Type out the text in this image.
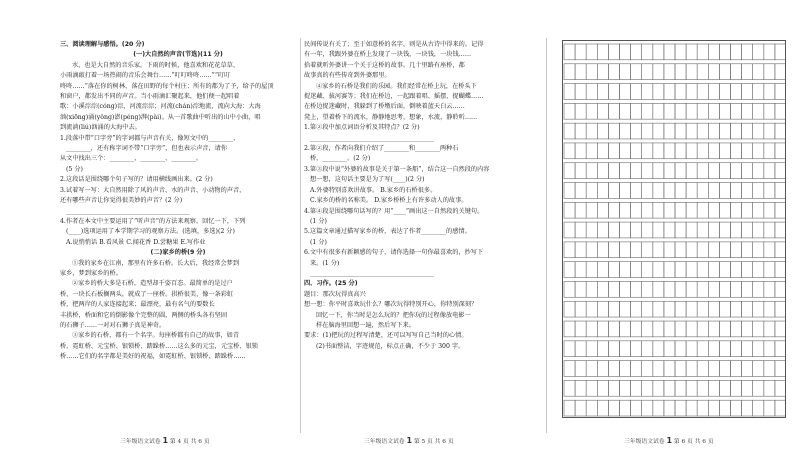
三、阅读理解与感悟。(20 分)

(一)大自然的声音(节选)(11 分)

水，也是大自然的音乐家。下雨的时候，他喜欢和花花草草、

小雨滴敲打着一场热闹的音乐会舞台……“叮叮咚咚……”“叮叮

咚咚……”落在你的树林、落在田野的每个村庄；所有的都为了予，给予的屋顶

和窗户，都发出不同的声音。当小雨滴汇聚起来，他们便一起唱着

歌：小溪淙淙(cóng)淙，河流淙淙；河流(chán)淙地流，流向大海：大海

汹(xiōng)涌(yǒng)澎(péng)湃(pài)。从一首歌曲中听出的山中小曲，唱

到流淌(liú)汹涌的大海中去。

1.段落中带“口字旁”的字词都与声音有关，像短文中的________、

________，还有称字词不带“口字旁”，但也表示声音，请你

从文中找出三个：________、________、________。

(5 分)

2.这段话是围绕哪个句子写的？请用横线画出来。(2 分)

3.试着写一写：大自然用除了风的声音、水的声音、小动物的声音，

还有哪些声音让你觉得很美妙的声音？(2 分)

________________________________________

4.作者在本文中主要运用了“听声音”的方法来观察。回忆一下，下列

(____)选项运用了本学期学习的观察方法。(选填，多选)(2 分)

A.说悄悄话 B.看风景 C.闻花香 D.尝糖果 E.写作业

(二)家乡的桥(9 分)

①我的家乡在江南，那里有许多石桥。长大后，我经常会梦到

家乡，梦到家乡的桥。

②家乡的桥大多是石桥，造型却千姿百态。最简单的是过户

桥，一块长石板搁两头，就成了一座桥。拱桥很美，像一条彩虹

桥，把两岸的人家连接起来；最漂亮，最有名气的要数长

丰拱桥，桥面和它的倒影像个完整的圆，两侧的桥头各有坚固

的石狮子……一对对石狮子真是神奇。

③家乡的石桥，都有一个名字。每座桥都有自己的故事，如青

桥、霓虹桥、元宝桥、银锁桥、踏跺桥……这么多的元宝，元宝桥、银锁

桥……它们的名字都是美好的祝福，如霓虹桥、银锁桥、踏跺桥……

三年级语文试卷 1 第 4 页 共 6 页

民间传说有关了；至于如意桥的名字，则是从古诗中得来的。记得

有一年，我跟外婆在桥上发现了一块钱，一块钱，一块钱……

拾着就听外婆讲一个关于这桥的故事。几十里路有座桥，都

故事真的有些传奇到外婆那里。

④家乡的石桥是我们的乐园。我们经常在桥上玩，在桥头下

捉迷藏、拔河赛等；我们在桥边，一起跟着唱、摇摆、捉蝴蝶……

在桥边捉迷藏时，我躲到了桥墩后面，倒映着蓝天白云……

凳上，望着桥下的流水，静静地思考，想象，水流，静聆听……

1.第②段中加点词语分析及其特点？(2 分)

________________________________________

2.第②段，作者向我们介绍了________和________两种石

桥，________。(2 分)

3.第③段中说“外婆的故事是关于第一条船”，结合这一自然段的内容

想一想，这句话主要是为了写(____)(2 分)

A.外婆特别喜欢讲故事。 B.家乡的石桥很多。

C.家乡的桥的名称美。 D.家乡桥桥上有许多动人的故事。

4.第④段是围绕哪句话写的？用“____”画出这一自然段的关键句。

(1 分)

5.这篇文章通过描写家乡的桥，表达了作者________的感情。

(1 分)

6.文中有很多有新颖感的句子，请你选择一句你最喜欢的，抄写下

来。(1 分)

________________________________________

四、习作。(25 分)

题目：那次玩得真高兴

想一想：你平时喜欢玩什么？哪次玩得特别开心，你特别深刻？

回忆一下，你当时是怎么玩的？把你玩的过程像放电影一

样在脑海里回想一遍，然后写下来。

要求：(1)把玩的过程写清楚，还可以写写自己当时的心情。

(2)书面整洁，字迹规范，标点正确，不少于 300 字。

三年级语文试卷 1 第 5 页 共 6 页	三年级语文试卷 1 第 6 页 共 6 页
